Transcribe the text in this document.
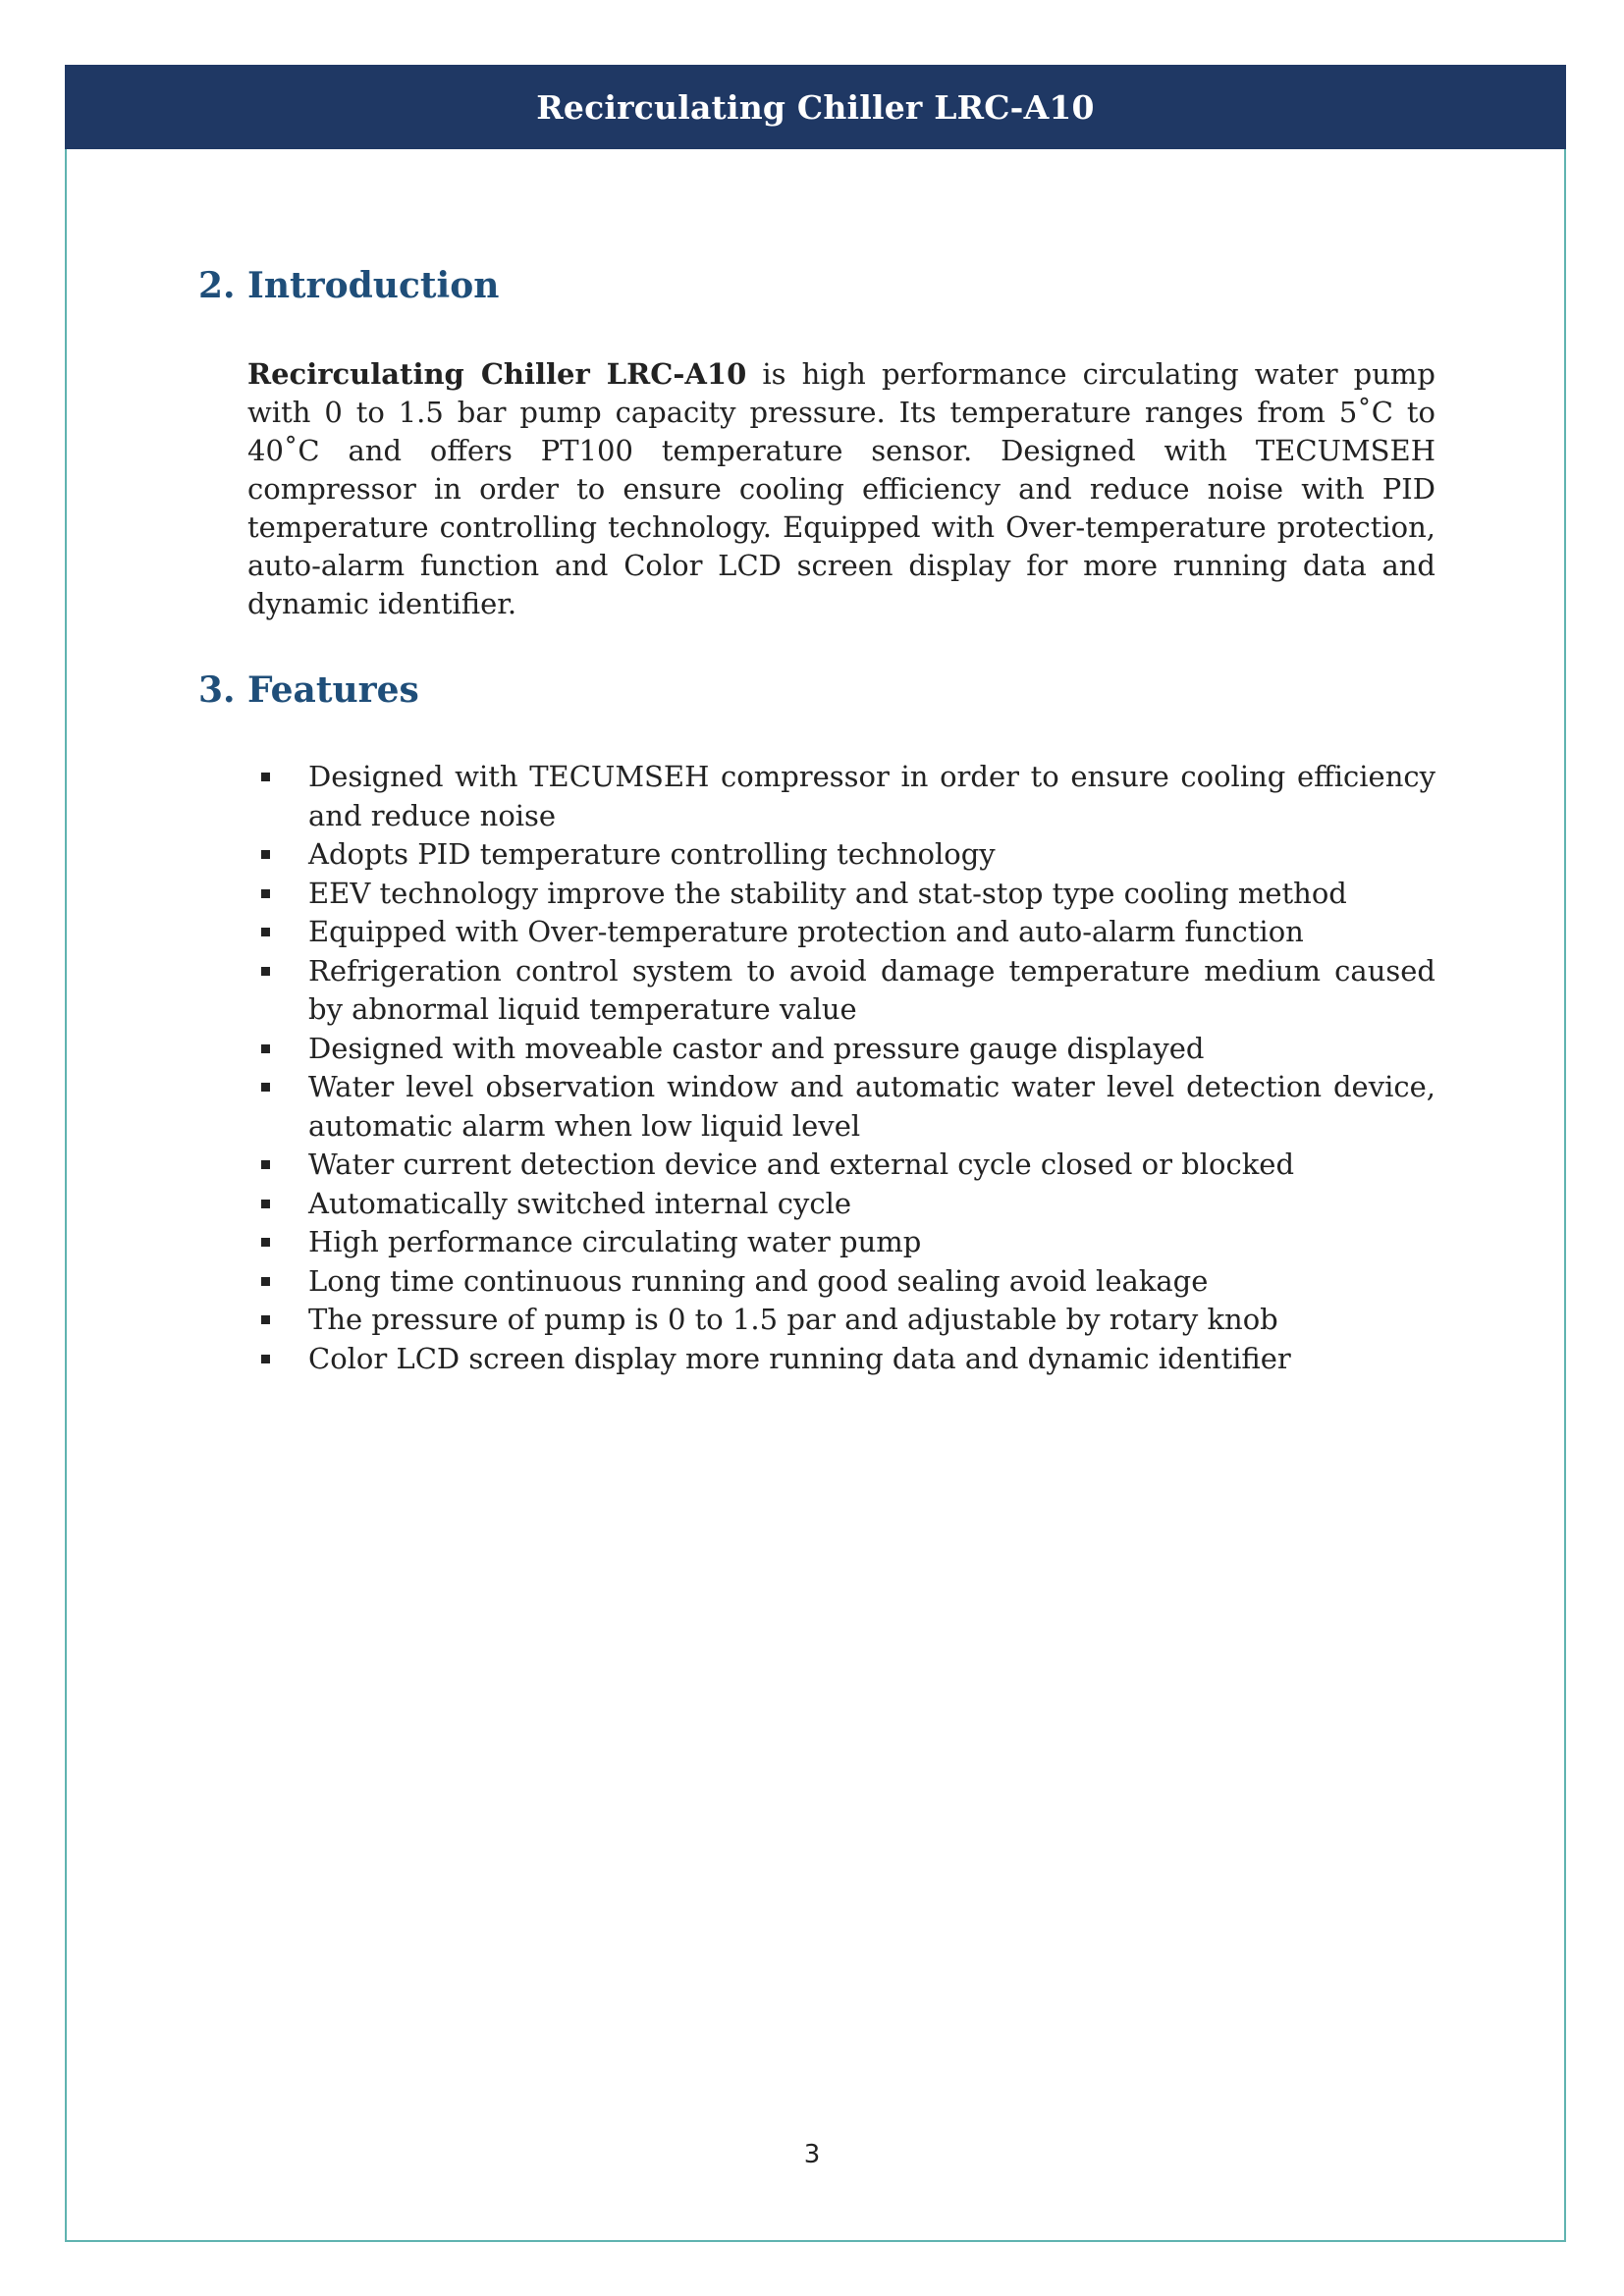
Recirculating Chiller LRC-A10
2. Introduction

Recirculating Chiller LRC-A10 is high performance circulating water pump with 0 to 1.5 bar pump capacity pressure. Its temperature ranges from 5˚C to 40˚C and offers PT100 temperature sensor. Designed with TECUMSEH compressor in order to ensure cooling efficiency and reduce noise with PID temperature controlling technology. Equipped with Over-temperature protection, auto-alarm function and Color LCD screen display for more running data and dynamic identifier.

3. Features
Designed with TECUMSEH compressor in order to ensure cooling efficiency and reduce noise
Adopts PID temperature controlling technology
EEV technology improve the stability and stat-stop type cooling method
Equipped with Over-temperature protection and auto-alarm function
Refrigeration control system to avoid damage temperature medium caused by abnormal liquid temperature value
Designed with moveable castor and pressure gauge displayed
Water level observation window and automatic water level detection device, automatic alarm when low liquid level
Water current detection device and external cycle closed or blocked
Automatically switched internal cycle
High performance circulating water pump
Long time continuous running and good sealing avoid leakage
The pressure of pump is 0 to 1.5 par and adjustable by rotary knob
Color LCD screen display more running data and dynamic identifier
3
